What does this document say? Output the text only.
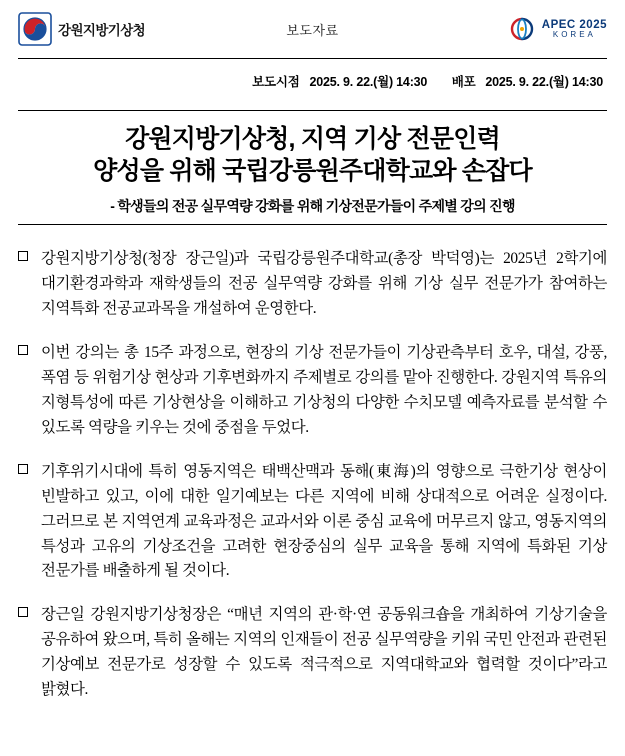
강원지방기상청	보도자료	APEC 2025
KOREA
보도시점 2025. 9. 22.(월) 14:30 배포 2025. 9. 22.(월) 14:30
강원지방기상청, 지역 기상 전문인력
양성을 위해 국립강릉원주대학교와 손잡다
- 학생들의 전공 실무역량 강화를 위해 기상전문가들이 주제별 강의 진행
강원지방기상청(청장 장근일)과 국립강릉원주대학교(총장 박덕영)는 2025년 2학기에 대기환경과학과 재학생들의 전공 실무역량 강화를 위해 기상 실무 전문가가 참여하는 지역특화 전공교과목을 개설하여 운영한다.
이번 강의는 총 15주 과정으로, 현장의 기상 전문가들이 기상관측부터 호우, 대설, 강풍, 폭염 등 위험기상 현상과 기후변화까지 주제별로 강의를 맡아 진행한다. 강원지역 특유의 지형특성에 따른 기상현상을 이해하고 기상청의 다양한 수치모델 예측자료를 분석할 수 있도록 역량을 키우는 것에 중점을 두었다.
기후위기시대에 특히 영동지역은 태백산맥과 동해(東海)의 영향으로 극한기상 현상이 빈발하고 있고, 이에 대한 일기예보는 다른 지역에 비해 상대적으로 어려운 실정이다. 그러므로 본 지역연계 교육과정은 교과서와 이론 중심 교육에 머무르지 않고, 영동지역의 특성과 고유의 기상조건을 고려한 현장중심의 실무 교육을 통해 지역에 특화된 기상 전문가를 배출하게 될 것이다.
장근일 강원지방기상청장은 “매년 지역의 관·학·연 공동워크숍을 개최하여 기상기술을 공유하여 왔으며, 특히 올해는 지역의 인재들이 전공 실무역량을 키워 국민 안전과 관련된 기상예보 전문가로 성장할 수 있도록 적극적으로 지역대학교와 협력할 것이다”라고 밝혔다.
